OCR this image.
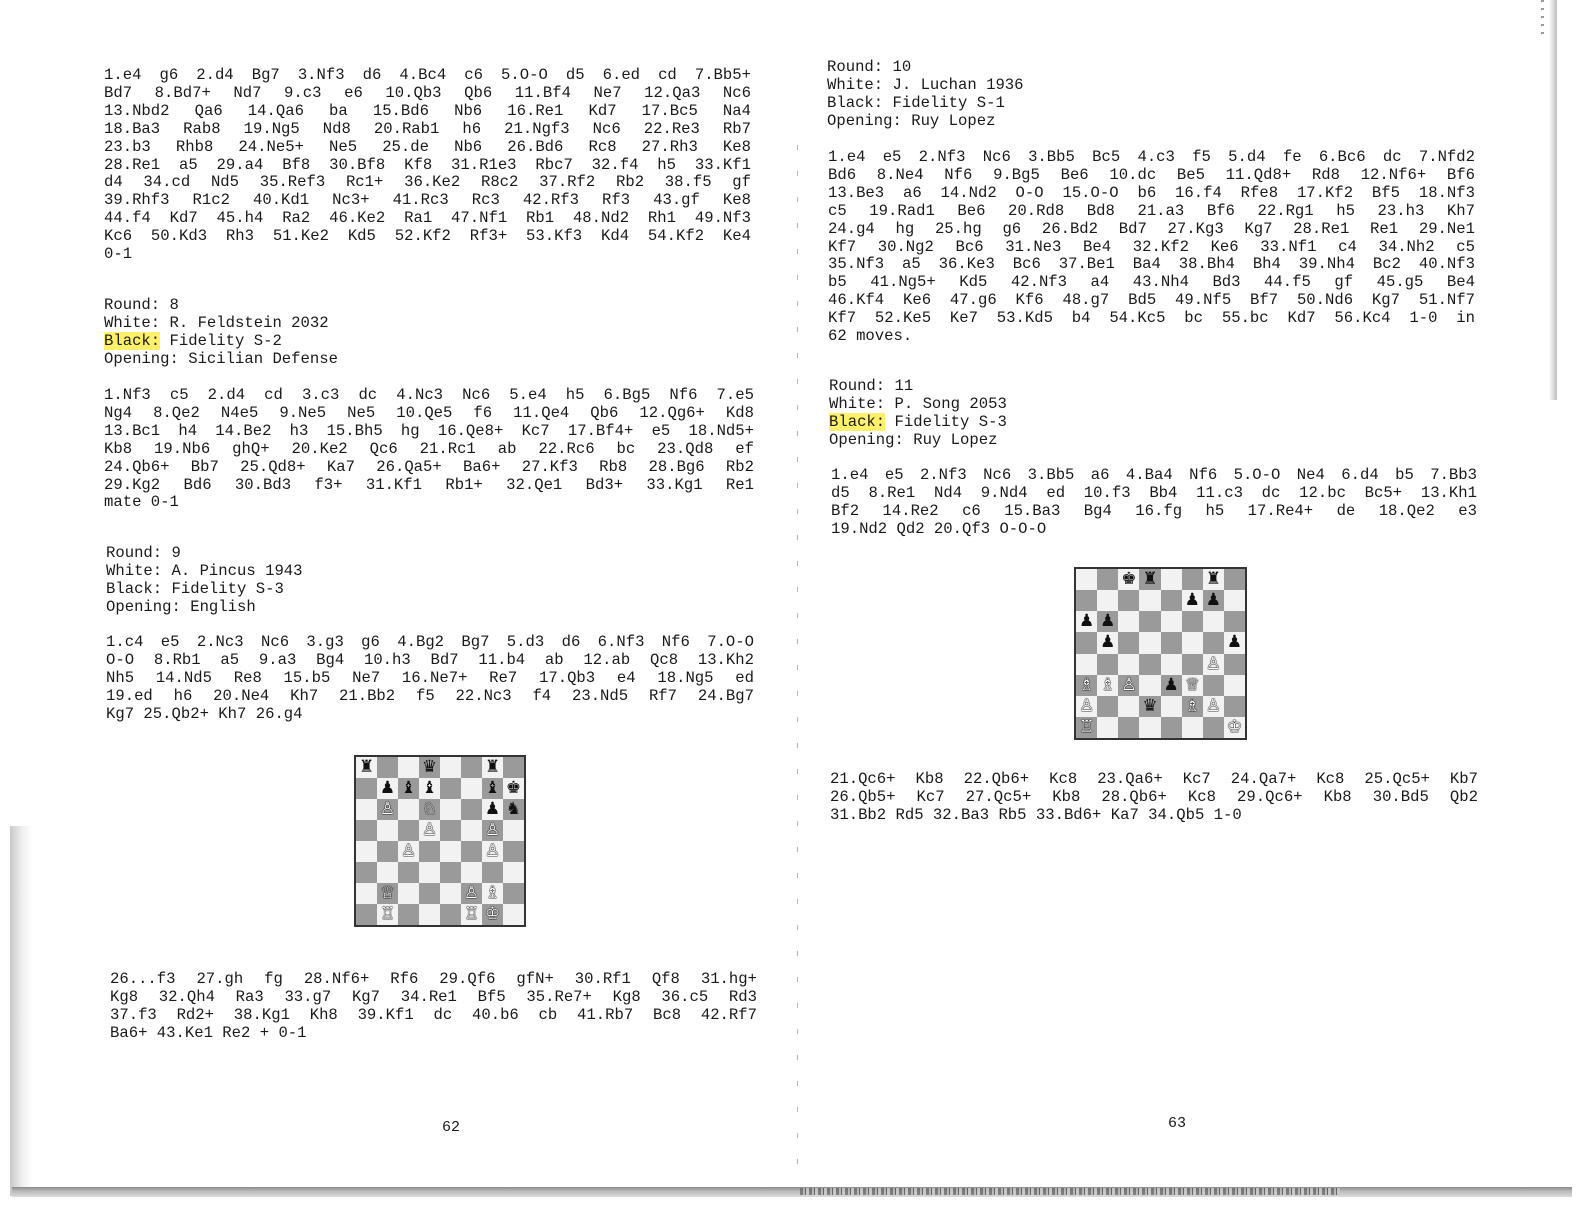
1.e4 g6 2.d4 Bg7 3.Nf3 d6 4.Bc4 c6 5.O-O d5 6.ed cd 7.Bb5+
Bd7 8.Bd7+ Nd7 9.c3 e6 10.Qb3 Qb6 11.Bf4 Ne7 12.Qa3 Nc6
13.Nbd2 Qa6 14.Qa6 ba 15.Bd6 Nb6 16.Re1 Kd7 17.Bc5 Na4
18.Ba3 Rab8 19.Ng5 Nd8 20.Rab1 h6 21.Ngf3 Nc6 22.Re3 Rb7
23.b3 Rhb8 24.Ne5+ Ne5 25.de Nb6 26.Bd6 Rc8 27.Rh3 Ke8
28.Re1 a5 29.a4 Bf8 30.Bf8 Kf8 31.R1e3 Rbc7 32.f4 h5 33.Kf1
d4 34.cd Nd5 35.Ref3 Rc1+ 36.Ke2 R8c2 37.Rf2 Rb2 38.f5 gf
39.Rhf3 R1c2 40.Kd1 Nc3+ 41.Rc3 Rc3 42.Rf3 Rf3 43.gf Ke8
44.f4 Kd7 45.h4 Ra2 46.Ke2 Ra1 47.Nf1 Rb1 48.Nd2 Rh1 49.Nf3
Kc6 50.Kd3 Rh3 51.Ke2 Kd5 52.Kf2 Rf3+ 53.Kf3 Kd4 54.Kf2 Ke4
0-1
Round: 8
White: R. Feldstein 2032
Black: Fidelity S-2
Opening: Sicilian Defense
1.Nf3 c5 2.d4 cd 3.c3 dc 4.Nc3 Nc6 5.e4 h5 6.Bg5 Nf6 7.e5
Ng4 8.Qe2 N4e5 9.Ne5 Ne5 10.Qe5 f6 11.Qe4 Qb6 12.Qg6+ Kd8
13.Bc1 h4 14.Be2 h3 15.Bh5 hg 16.Qe8+ Kc7 17.Bf4+ e5 18.Nd5+
Kb8 19.Nb6 ghQ+ 20.Ke2 Qc6 21.Rc1 ab 22.Rc6 bc 23.Qd8 ef
24.Qb6+ Bb7 25.Qd8+ Ka7 26.Qa5+ Ba6+ 27.Kf3 Rb8 28.Bg6 Rb2
29.Kg2 Bd6 30.Bd3 f3+ 31.Kf1 Rb1+ 32.Qe1 Bd3+ 33.Kg1 Re1
mate 0-1
Round: 9
White: A. Pincus 1943
Black: Fidelity S-3
Opening: English
1.c4 e5 2.Nc3 Nc6 3.g3 g6 4.Bg2 Bg7 5.d3 d6 6.Nf3 Nf6 7.O-O
O-O 8.Rb1 a5 9.a3 Bg4 10.h3 Bd7 11.b4 ab 12.ab Qc8 13.Kh2
Nh5 14.Nd5 Re8 15.b5 Ne7 16.Ne7+ Re7 17.Qb3 e4 18.Ng5 ed
19.ed h6 20.Ne4 Kh7 21.Bb2 f5 22.Nc3 f4 23.Nd5 Rf7 24.Bg7
Kg7 25.Qb2+ Kh7 26.g4
♜	♛	♜
♟ ♝ ♝	♝ ♚
♙ ♘	♟ ♞
♙	♙
♙	♙
♕	♙ ♗
♖	♖ ♔
26...f3 27.gh fg 28.Nf6+ Rf6 29.Qf6 gfN+ 30.Rf1 Qf8 31.hg+
Kg8 32.Qh4 Ra3 33.g7 Kg7 34.Re1 Bf5 35.Re7+ Kg8 36.c5 Rd3
37.f3 Rd2+ 38.Kg1 Kh8 39.Kf1 dc 40.b6 cb 41.Rb7 Bc8 42.Rf7
Ba6+ 43.Ke1 Re2 + 0-1
62
Round: 10
White: J. Luchan 1936
Black: Fidelity S-1
Opening: Ruy Lopez
1.e4 e5 2.Nf3 Nc6 3.Bb5 Bc5 4.c3 f5 5.d4 fe 6.Bc6 dc 7.Nfd2
Bd6 8.Ne4 Nf6 9.Bg5 Be6 10.dc Be5 11.Qd8+ Rd8 12.Nf6+ Bf6
13.Be3 a6 14.Nd2 O-O 15.O-O b6 16.f4 Rfe8 17.Kf2 Bf5 18.Nf3
c5 19.Rad1 Be6 20.Rd8 Bd8 21.a3 Bf6 22.Rg1 h5 23.h3 Kh7
24.g4 hg 25.hg g6 26.Bd2 Bd7 27.Kg3 Kg7 28.Re1 Re1 29.Ne1
Kf7 30.Ng2 Bc6 31.Ne3 Be4 32.Kf2 Ke6 33.Nf1 c4 34.Nh2 c5
35.Nf3 a5 36.Ke3 Bc6 37.Be1 Ba4 38.Bh4 Bh4 39.Nh4 Bc2 40.Nf3
b5 41.Ng5+ Kd5 42.Nf3 a4 43.Nh4 Bd3 44.f5 gf 45.g5 Be4
46.Kf4 Ke6 47.g6 Kf6 48.g7 Bd5 49.Nf5 Bf7 50.Nd6 Kg7 51.Nf7
Kf7 52.Ke5 Ke7 53.Kd5 b4 54.Kc5 bc 55.bc Kd7 56.Kc4 1-0 in
62 moves.
Round: 11
White: P. Song 2053
Black: Fidelity S-3
Opening: Ruy Lopez
1.e4 e5 2.Nf3 Nc6 3.Bb5 a6 4.Ba4 Nf6 5.O-O Ne4 6.d4 b5 7.Bb3
d5 8.Re1 Nd4 9.Nd4 ed 10.f3 Bb4 11.c3 dc 12.bc Bc5+ 13.Kh1
Bf2 14.Re2 c6 15.Ba3 Bg4 16.fg h5 17.Re4+ de 18.Qe2 e3
19.Nd2 Qd2 20.Qf3 O-O-O
♚ ♜	♜
♟ ♟
♟ ♟
♟	♟
♙
♗ ♗ ♙ ♟ ♕
♙	♛ ♗ ♙
♖	♔
21.Qc6+ Kb8 22.Qb6+ Kc8 23.Qa6+ Kc7 24.Qa7+ Kc8 25.Qc5+ Kb7
26.Qb5+ Kc7 27.Qc5+ Kb8 28.Qb6+ Kc8 29.Qc6+ Kb8 30.Bd5 Qb2
31.Bb2 Rd5 32.Ba3 Rb5 33.Bd6+ Ka7 34.Qb5 1-0
63
